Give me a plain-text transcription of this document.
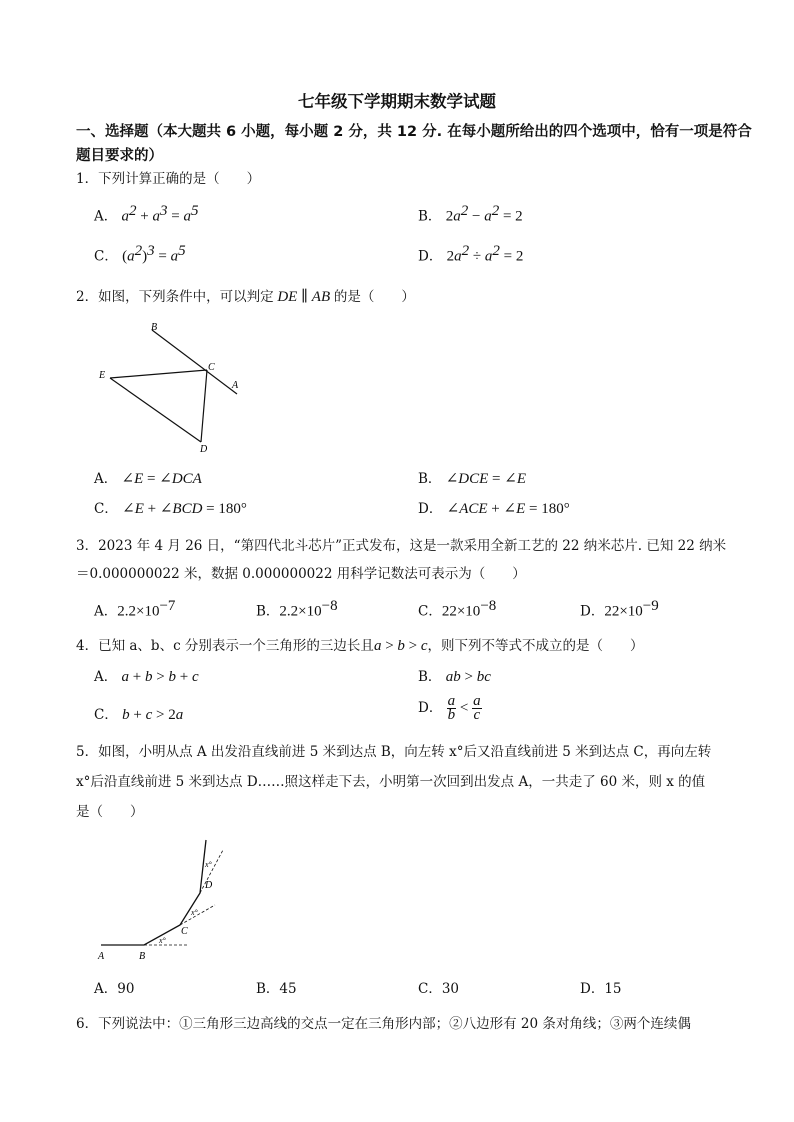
七年级下学期期末数学试题
一、选择题（本大题共 6 小题，每小题 2 分，共 12 分. 在每小题所给出的四个选项中，恰有一项是符合题目要求的）
1．下列计算正确的是（　　）
A． $a^2 + a^3 = a^5$	B． $2a^2 - a^2 = 2$
C． $(a^2)^3 = a^5$	D． $2a^2 \div a^2 = 2$
2．如图，下列条件中，可以判定 DE ∥ AB 的是（　　）
B
C
A
E
D
A． ∠E = ∠DCA	B． ∠DCE = ∠E
C． ∠E + ∠BCD = 180°	D． ∠ACE + ∠E = 180°
3．2023 年 4 月 26 日，“第四代北斗芯片”正式发布，这是一款采用全新工艺的 22 纳米芯片. 已知 22 纳米
＝0.000000022 米，数据 0.000000022 用科学记数法可表示为（　　）
A．$2.2\times 10^{-7}$	B．$2.2\times 10^{-8}$	C．$22\times 10^{-8}$	D．$22\times 10^{-9}$
4．已知 a、b、c 分别表示一个三角形的三边长且a > b > c，则下列不等式不成立的是（　　）
A． a + b > b + c	B． ab > bc
C． b + c > 2a	D． $\frac{a}{b} < \frac{a}{c}$
5．如图，小明从点 A 出发沿直线前进 5 米到达点 B，向左转 x°后又沿直线前进 5 米到达点 C，再向左转
x°后沿直线前进 5 米到达点 D……照这样走下去，小明第一次回到出发点 A，一共走了 60 米，则 x 的值
是（　　）
A	B
C
D
x°
x°
x°
A．90	B．45	C．30	D．15
6．下列说法中：①三角形三边高线的交点一定在三角形内部；②八边形有 20 条对角线；③两个连续偶
